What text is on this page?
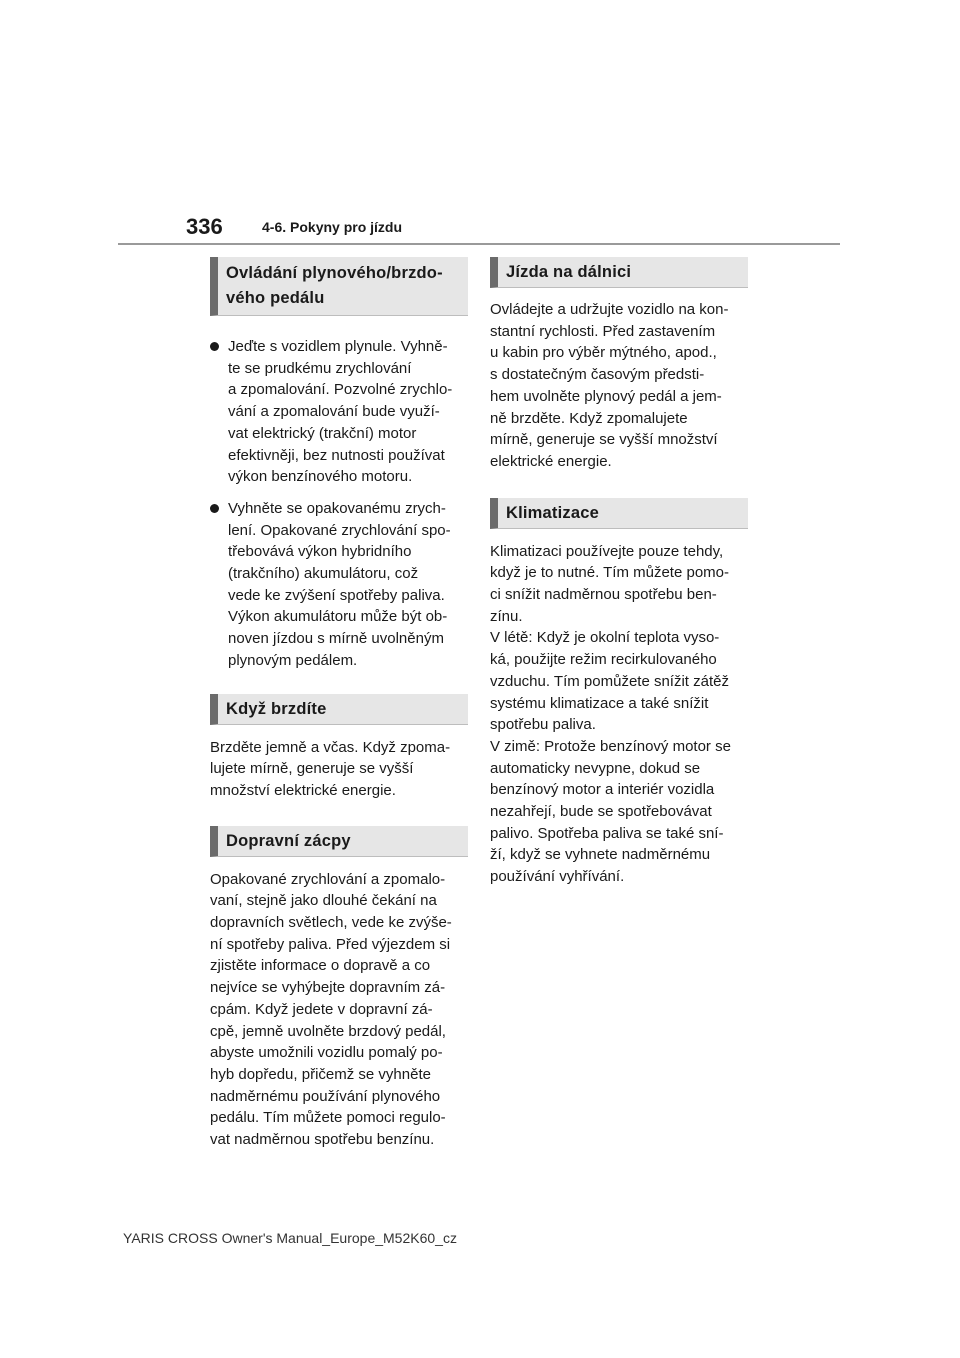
336	4-6. Pokyny pro jízdu
Ovládání plynového/brzdo-
vého pedálu
Jeďte s vozidlem plynule. Vyhně-
te se prudkému zrychlování
a zpomalování. Pozvolné zrychlo-
vání a zpomalování bude využí-
vat elektrický (trakční) motor
efektivněji, bez nutnosti používat
výkon benzínového motoru.
Vyhněte se opakovanému zrych-
lení. Opakované zrychlování spo-
třebovává výkon hybridního
(trakčního) akumulátoru, což
vede ke zvýšení spotřeby paliva.
Výkon akumulátoru může být ob-
noven jízdou s mírně uvolněným
plynovým pedálem.
Když brzdíte
Brzděte jemně a včas. Když zpoma-
lujete mírně, generuje se vyšší
množství elektrické energie.
Dopravní zácpy
Opakované zrychlování a zpomalo-
vaní, stejně jako dlouhé čekání na
dopravních světlech, vede ke zvýše-
ní spotřeby paliva. Před výjezdem si
zjistěte informace o dopravě a co
nejvíce se vyhýbejte dopravním zá-
cpám. Když jedete v dopravní zá-
cpě, jemně uvolněte brzdový pedál,
abyste umožnili vozidlu pomalý po-
hyb dopředu, přičemž se vyhněte
nadměrnému používání plynového
pedálu. Tím můžete pomoci regulo-
vat nadměrnou spotřebu benzínu.
Jízda na dálnici
Ovládejte a udržujte vozidlo na kon-
stantní rychlosti. Před zastavením
u kabin pro výběr mýtného, apod.,
s dostatečným časovým předsti-
hem uvolněte plynový pedál a jem-
ně brzděte. Když zpomalujete
mírně, generuje se vyšší množství
elektrické energie.
Klimatizace
Klimatizaci používejte pouze tehdy,
když je to nutné. Tím můžete pomo-
ci snížit nadměrnou spotřebu ben-
zínu.
V létě: Když je okolní teplota vyso-
ká, použijte režim recirkulovaného
vzduchu. Tím pomůžete snížit zátěž
systému klimatizace a také snížit
spotřebu paliva.
V zimě: Protože benzínový motor se
automaticky nevypne, dokud se
benzínový motor a interiér vozidla
nezahřejí, bude se spotřebovávat
palivo. Spotřeba paliva se také sní-
ží, když se vyhnete nadměrnému
používání vyhřívání.
YARIS CROSS Owner's Manual_Europe_M52K60_cz
